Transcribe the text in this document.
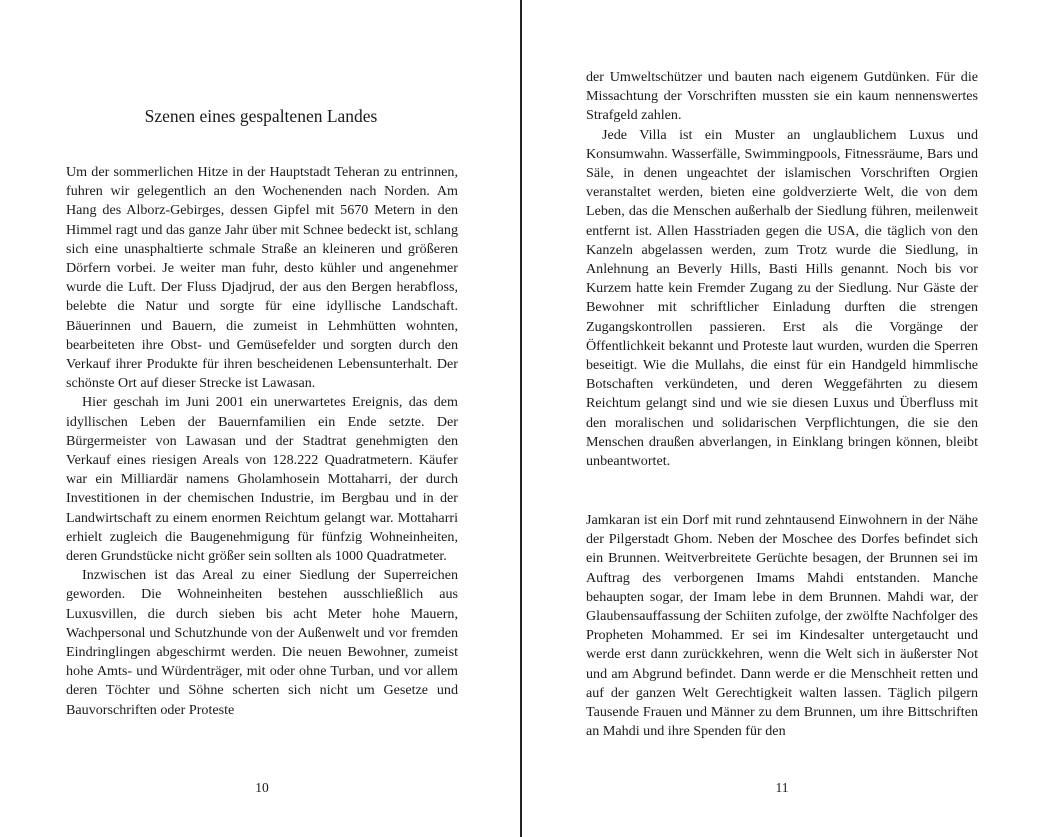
Szenen eines gespaltenen Landes

Um der sommerlichen Hitze in der Hauptstadt Teheran zu entrinnen, fuhren wir gelegentlich an den Wochenenden nach Norden. Am Hang des Alborz-Gebirges, dessen Gipfel mit 5670 Metern in den Himmel ragt und das ganze Jahr über mit Schnee bedeckt ist, schlang sich eine unasphaltierte schmale Straße an kleineren und größeren Dörfern vorbei. Je weiter man fuhr, desto kühler und angenehmer wurde die Luft. Der Fluss Djadjrud, der aus den Bergen herabfloss, belebte die Natur und sorgte für eine idyllische Landschaft. Bäuerinnen und Bauern, die zumeist in Lehmhütten wohnten, bearbeiteten ihre Obst- und Gemüsefelder und sorgten durch den Verkauf ihrer Produkte für ihren bescheidenen Lebensunterhalt. Der schönste Ort auf dieser Strecke ist Lawasan.

Hier geschah im Juni 2001 ein unerwartetes Ereignis, das dem idyllischen Leben der Bauernfamilien ein Ende setzte. Der Bürgermeister von Lawasan und der Stadtrat genehmigten den Verkauf eines riesigen Areals von 128.222 Quadratmetern. Käufer war ein Milliardär namens Gholamhosein Mottaharri, der durch Investitionen in der chemischen Industrie, im Bergbau und in der Landwirtschaft zu einem enormen Reichtum gelangt war. Mottaharri erhielt zugleich die Baugenehmigung für fünfzig Wohneinheiten, deren Grundstücke nicht größer sein sollten als 1000 Quadratmeter.

Inzwischen ist das Areal zu einer Siedlung der Superreichen geworden. Die Wohneinheiten bestehen ausschließlich aus Luxusvillen, die durch sieben bis acht Meter hohe Mauern, Wachpersonal und Schutzhunde von der Außenwelt und vor fremden Eindringlingen abgeschirmt werden. Die neuen Bewohner, zumeist hohe Amts- und Würdenträger, mit oder ohne Turban, und vor allem deren Töchter und Söhne scherten sich nicht um Gesetze und Bauvorschriften oder Proteste

10

der Umweltschützer und bauten nach eigenem Gutdünken. Für die Missachtung der Vorschriften mussten sie ein kaum nennenswertes Strafgeld zahlen.

Jede Villa ist ein Muster an unglaublichem Luxus und Konsumwahn. Wasserfälle, Swimmingpools, Fitnessräume, Bars und Säle, in denen ungeachtet der islamischen Vorschriften Orgien veranstaltet werden, bieten eine goldverzierte Welt, die von dem Leben, das die Menschen außerhalb der Siedlung führen, meilenweit entfernt ist. Allen Hasstriaden gegen die USA, die täglich von den Kanzeln abgelassen werden, zum Trotz wurde die Siedlung, in Anlehnung an Beverly Hills, Basti Hills genannt. Noch bis vor Kurzem hatte kein Fremder Zugang zu der Siedlung. Nur Gäste der Bewohner mit schriftlicher Einladung durften die strengen Zugangskontrollen passieren. Erst als die Vorgänge der Öffentlichkeit bekannt und Proteste laut wurden, wurden die Sperren beseitigt. Wie die Mullahs, die einst für ein Handgeld himmlische Botschaften verkündeten, und deren Weggefährten zu diesem Reichtum gelangt sind und wie sie diesen Luxus und Überfluss mit den moralischen und solidarischen Verpflichtungen, die sie den Menschen draußen abverlangen, in Einklang bringen können, bleibt unbeantwortet.

Jamkaran ist ein Dorf mit rund zehntausend Einwohnern in der Nähe der Pilgerstadt Ghom. Neben der Moschee des Dorfes befindet sich ein Brunnen. Weitverbreitete Gerüchte besagen, der Brunnen sei im Auftrag des verborgenen Imams Mahdi entstanden. Manche behaupten sogar, der Imam lebe in dem Brunnen. Mahdi war, der Glaubensauffassung der Schiiten zufolge, der zwölfte Nachfolger des Propheten Mohammed. Er sei im Kindesalter untergetaucht und werde erst dann zurückkehren, wenn die Welt sich in äußerster Not und am Abgrund befindet. Dann werde er die Menschheit retten und auf der ganzen Welt Gerechtigkeit walten lassen. Täglich pilgern Tausende Frauen und Männer zu dem Brunnen, um ihre Bittschriften an Mahdi und ihre Spenden für den

11
